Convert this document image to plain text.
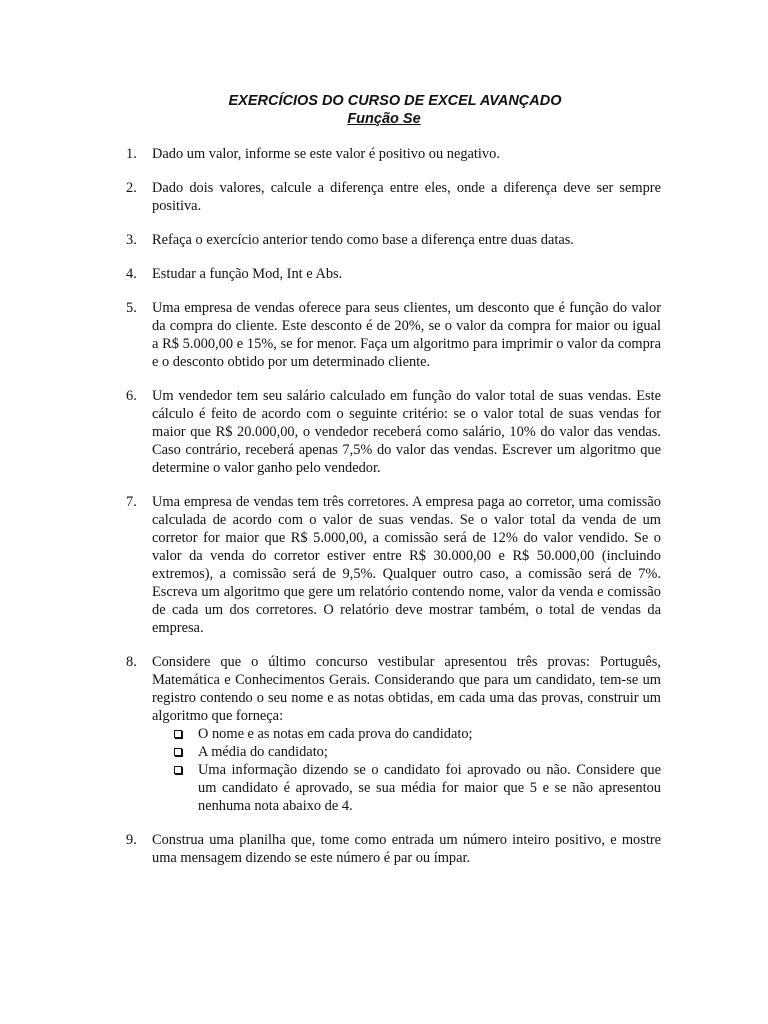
EXERCÍCIOS DO CURSO DE EXCEL AVANÇADO
Função Se
1. Dado um valor, informe se este valor é positivo ou negativo.
2. Dado dois valores, calcule a diferença entre eles, onde a diferença deve ser sempre positiva.
3. Refaça o exercício anterior tendo como base a diferença entre duas datas.
4. Estudar a função Mod, Int e Abs.
5. Uma empresa de vendas oferece para seus clientes, um desconto que é função do valor da compra do cliente. Este desconto é de 20%, se o valor da compra for maior ou igual a R$ 5.000,00 e 15%, se for menor. Faça um algoritmo para imprimir o valor da compra e o desconto obtido por um determinado cliente.
6. Um vendedor tem seu salário calculado em função do valor total de suas vendas. Este cálculo é feito de acordo com o seguinte critério: se o valor total de suas vendas for maior que R$ 20.000,00, o vendedor receberá como salário, 10% do valor das vendas. Caso contrário, receberá apenas 7,5% do valor das vendas. Escrever um algoritmo que determine o valor ganho pelo vendedor.
7. Uma empresa de vendas tem três corretores. A empresa paga ao corretor, uma comissão calculada de acordo com o valor de suas vendas. Se o valor total da venda de um corretor for maior que R$ 5.000,00, a comissão será de 12% do valor vendido. Se o valor da venda do corretor estiver entre R$ 30.000,00 e R$ 50.000,00 (incluindo extremos), a comissão será de 9,5%. Qualquer outro caso, a comissão será de 7%. Escreva um algoritmo que gere um relatório contendo nome, valor da venda e comissão de cada um dos corretores. O relatório deve mostrar também, o total de vendas da empresa.
8. Considere que o último concurso vestibular apresentou três provas: Português, Matemática e Conhecimentos Gerais. Considerando que para um candidato, tem-se um registro contendo o seu nome e as notas obtidas, em cada uma das provas, construir um algoritmo que forneça:
O nome e as notas em cada prova do candidato;
A média do candidato;
Uma informação dizendo se o candidato foi aprovado ou não. Considere que um candidato é aprovado, se sua média for maior que 5 e se não apresentou nenhuma nota abaixo de 4.
9. Construa uma planilha que, tome como entrada um número inteiro positivo, e mostre uma mensagem dizendo se este número é par ou ímpar.
